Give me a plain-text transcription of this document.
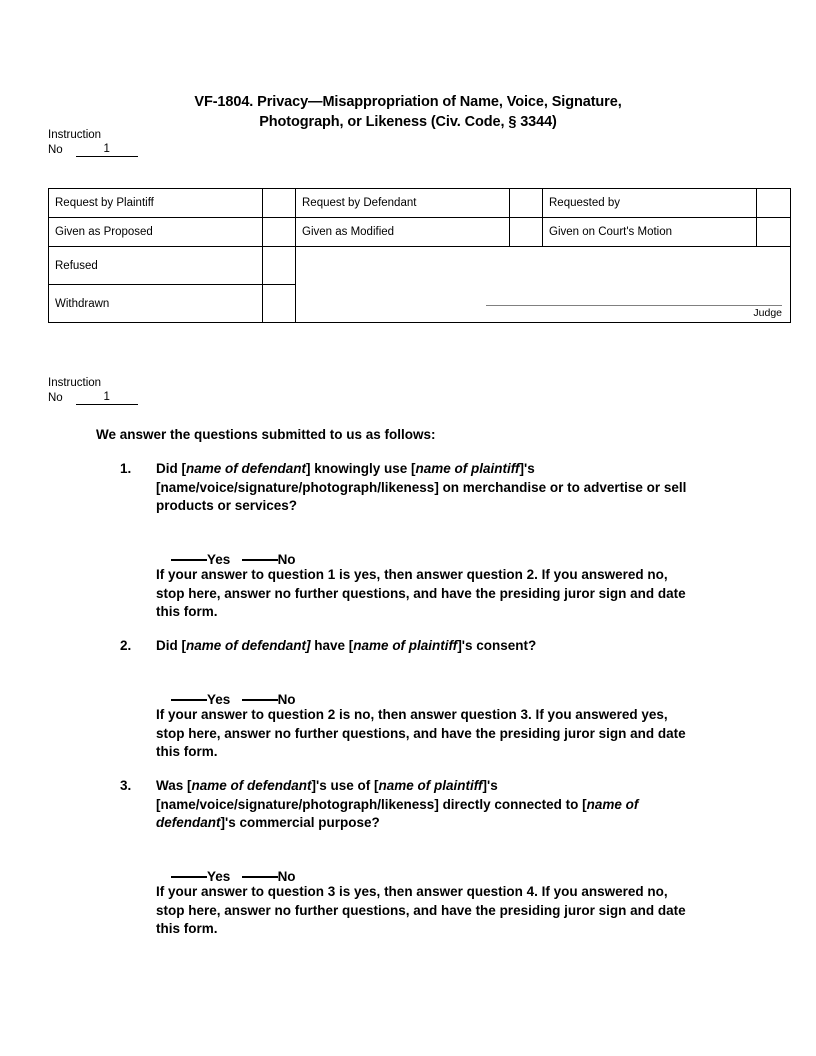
VF-1804. Privacy—Misappropriation of Name, Voice, Signature,
Photograph, or Likeness (Civ. Code, § 3344)
Instruction
No	1
Request by Plaintiff		Request by Defendant		Requested by	
Given as Proposed		Given as Modified		Given on Court's Motion	
Refused		Judge			

Withdrawn					
Instruction
No	1
We answer the questions submitted to us as follows:
1.	Did [name of defendant] knowingly use [name of plaintiff]'s [name/voice/signature/photograph/likeness] on merchandise or to advertise or sell products or services?

Yes	No

If your answer to question 1 is yes, then answer question 2. If you answered no, stop here, answer no further questions, and have the presiding juror sign and date this form.
2.	Did [name of defendant] have [name of plaintiff]'s consent?

Yes	No

If your answer to question 2 is no, then answer question 3. If you answered yes, stop here, answer no further questions, and have the presiding juror sign and date this form.
3.	Was [name of defendant]'s use of [name of plaintiff]'s [name/voice/signature/photograph/likeness] directly connected to [name of defendant]'s commercial purpose?

Yes	No

If your answer to question 3 is yes, then answer question 4. If you answered no, stop here, answer no further questions, and have the presiding juror sign and date this form.
